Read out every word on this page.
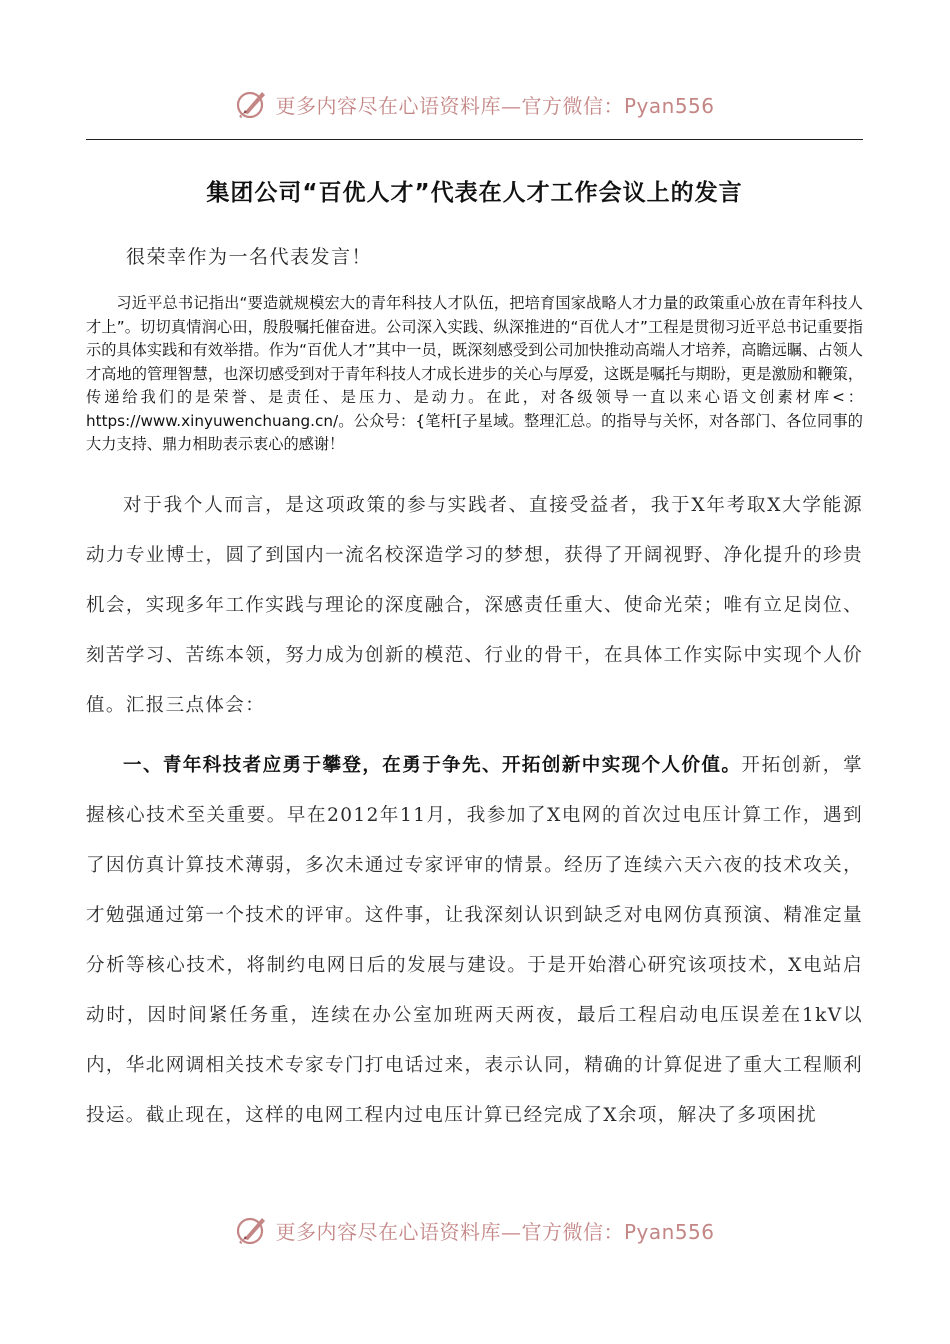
更多内容尽在心语资料库—官方微信：Pyan556
集团公司“百优人才”代表在人才工作会议上的发言
很荣幸作为一名代表发言！

习近平总书记指出“要造就规模宏大的青年科技人才队伍，把培育国家战略人才力量的政策重心放在青年科技人才上”。切切真情润心田，殷殷嘱托催奋进。公司深入实践、纵深推进的“百优人才”工程是贯彻习近平总书记重要指示的具体实践和有效举措。作为“百优人才”其中一员，既深刻感受到公司加快推动高端人才培养，高瞻远瞩、占领人才高地的管理智慧，也深切感受到对于青年科技人才成长进步的关心与厚爱，这既是嘱托与期盼，更是激励和鞭策，传递给我们的是荣誉、是责任、是压力、是动力。在此，对各级领导一直以来心语文创素材库<：https://www.xinyuwenchuang.cn/。公众号：{笔杆[子星域。整理汇总。的指导与关怀，对各部门、各位同事的大力支持、鼎力相助表示衷心的感谢！

对于我个人而言，是这项政策的参与实践者、直接受益者，我于X年考取X大学能源动力专业博士，圆了到国内一流名校深造学习的梦想，获得了开阔视野、净化提升的珍贵机会，实现多年工作实践与理论的深度融合，深感责任重大、使命光荣；唯有立足岗位、刻苦学习、苦练本领，努力成为创新的模范、行业的骨干，在具体工作实际中实现个人价值。汇报三点体会：

一、青年科技者应勇于攀登，在勇于争先、开拓创新中实现个人价值。开拓创新，掌握核心技术至关重要。早在2012年11月，我参加了X电网的首次过电压计算工作，遇到了因仿真计算技术薄弱，多次未通过专家评审的情景。经历了连续六天六夜的技术攻关，才勉强通过第一个技术的评审。这件事，让我深刻认识到缺乏对电网仿真预演、精准定量分析等核心技术，将制约电网日后的发展与建设。于是开始潜心研究该项技术，X电站启动时，因时间紧任务重，连续在办公室加班两天两夜，最后工程启动电压误差在1kV以内，华北网调相关技术专家专门打电话过来，表示认同，精确的计算促进了重大工程顺利投运。截止现在，这样的电网工程内过电压计算已经完成了X余项，解决了多项困扰

更多内容尽在心语资料库—官方微信：Pyan556
